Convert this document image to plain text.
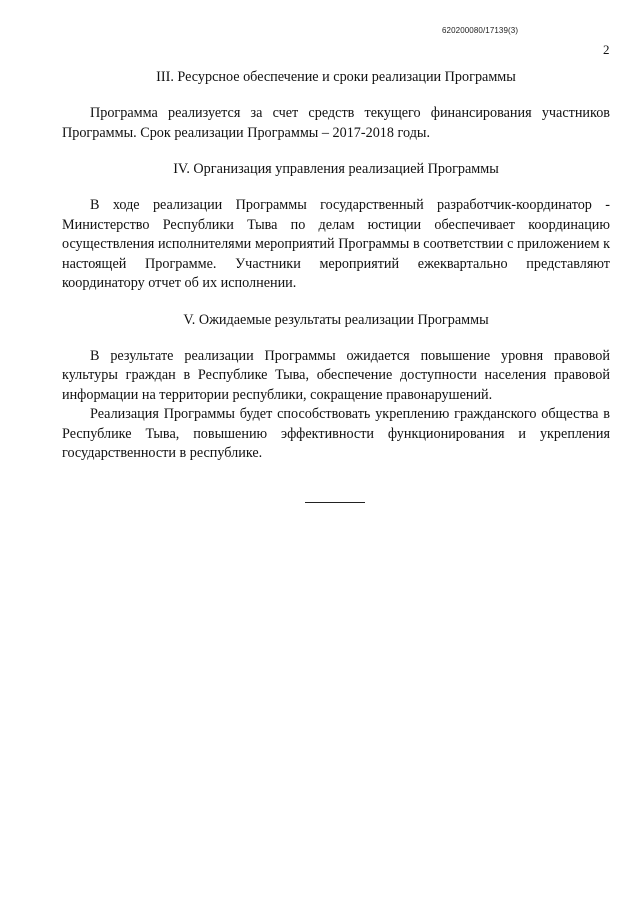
620200080/17139(3)
2
III. Ресурсное обеспечение и сроки реализации Программы

Программа реализуется за счет средств текущего финансирования участников Программы. Срок реализации Программы – 2017-2018 годы.

IV. Организация управления реализацией Программы

В ходе реализации Программы государственный разработчик-координатор - Министерство Республики Тыва по делам юстиции обеспечивает координацию осуществления исполнителями мероприятий Программы в соответствии с приложением к настоящей Программе. Участники мероприятий ежеквартально представляют координатору отчет об их исполнении.

V. Ожидаемые результаты реализации Программы

В результате реализации Программы ожидается повышение уровня правовой культуры граждан в Республике Тыва, обеспечение доступности населения правовой информации на территории республики, сокращение правонарушений.

Реализация Программы будет способствовать укреплению гражданского общества в Республике Тыва, повышению эффективности функционирования и укрепления государственности в республике.
